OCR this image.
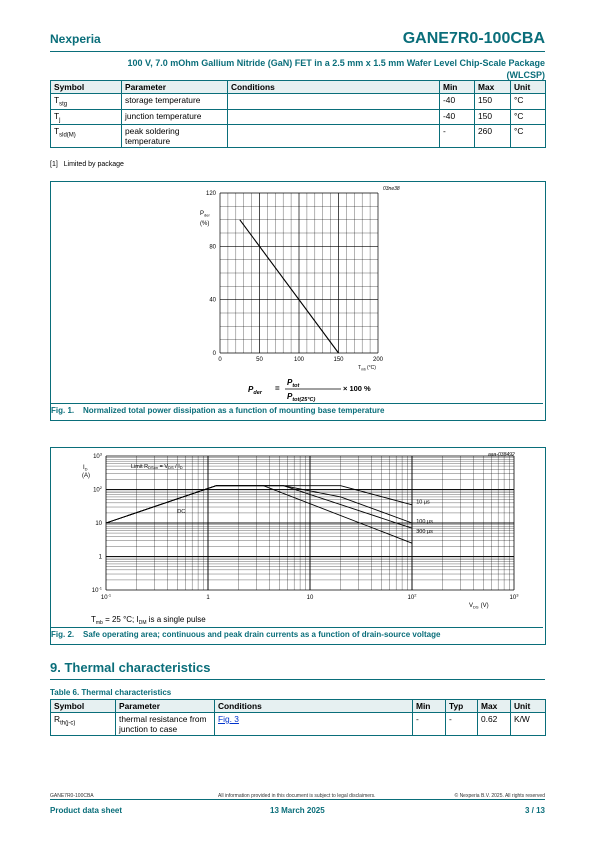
Nexperia	GANE7R0-100CBA
100 V, 7.0 mOhm Gallium Nitride (GaN) FET in a 2.5 mm x 1.5 mm Wafer Level Chip-Scale Package
(WLCSP)
Symbol	Parameter	Conditions	Min	Max	Unit
$T_{stg}$	storage temperature		-40	150	°C
$T_j$	junction temperature		-40	150	°C
$T_{sld(M)}$	peak soldering temperature		-	260	°C
[1] Limited by package
0	50	100	150	200
0
40
80
120
03ne38
$P_{der}$
(%)
$T_{mb}(^\circ C)$
$P_{der}$ =
$P_{tot}$
$P_{tot(25^\circ C)}$
× 100 %
Fig. 1. Normalized total power dissipation as a function of mounting base temperature
10 µs
DC
100 µs
300 µs
$10^{-1}$	1	10	$10^2$	$10^3$
$10^{-1}$
1
10
$10^2$
$10^3$	aaa-038492
$I_D$
(A)
$V_{DS}$ (V)
Limit RDSon = VDS / ID
$T_{mb} = 25$ °C; $I_{DM}$ is a single pulse
Fig. 2. Safe operating area; continuous and peak drain currents as a function of drain-source voltage
9. Thermal characteristics
Table 6. Thermal characteristics
Symbol	Parameter	Conditions	Min	Typ	Max	Unit
$R_{th(j-c)}$	thermal resistance from junction to case	Fig. 3	-	-	0.62	K/W
GANE7R0-100CBA	All information provided in this document is subject to legal disclaimers.	© Nexperia B.V. 2025. All rights reserved
Product data sheet	13 March 2025	3 / 13
